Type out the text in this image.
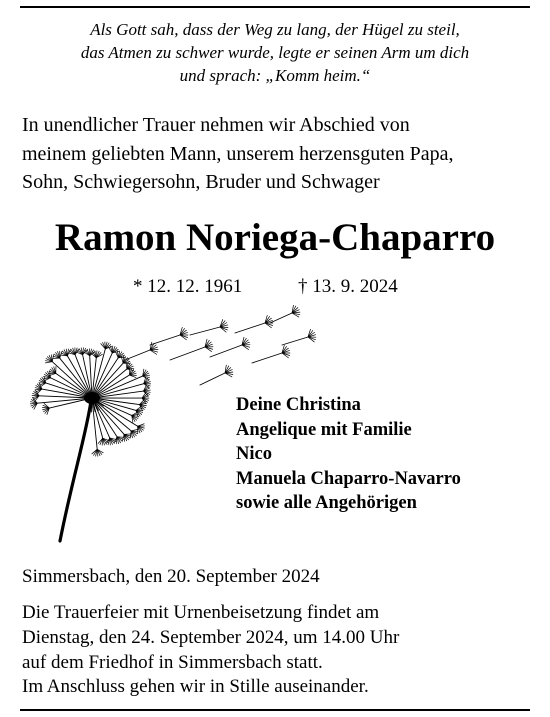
Als Gott sah, dass der Weg zu lang, der Hügel zu steil,
das Atmen zu schwer wurde, legte er seinen Arm um dich
und sprach: „Komm heim.“
In unendlicher Trauer nehmen wir Abschied von
meinem geliebten Mann, unserem herzensguten Papa,
Sohn, Schwiegersohn, Bruder und Schwager
Ramon Noriega-Chaparro
* 12. 12. 1961	† 13. 9. 2024
Deine Christina
Angelique mit Familie
Nico
Manuela Chaparro-Navarro
sowie alle Angehörigen
Simmersbach, den 20. September 2024
Die Trauerfeier mit Urnenbeisetzung findet am
Dienstag, den 24. September 2024, um 14.00 Uhr
auf dem Friedhof in Simmersbach statt.
Im Anschluss gehen wir in Stille auseinander.
